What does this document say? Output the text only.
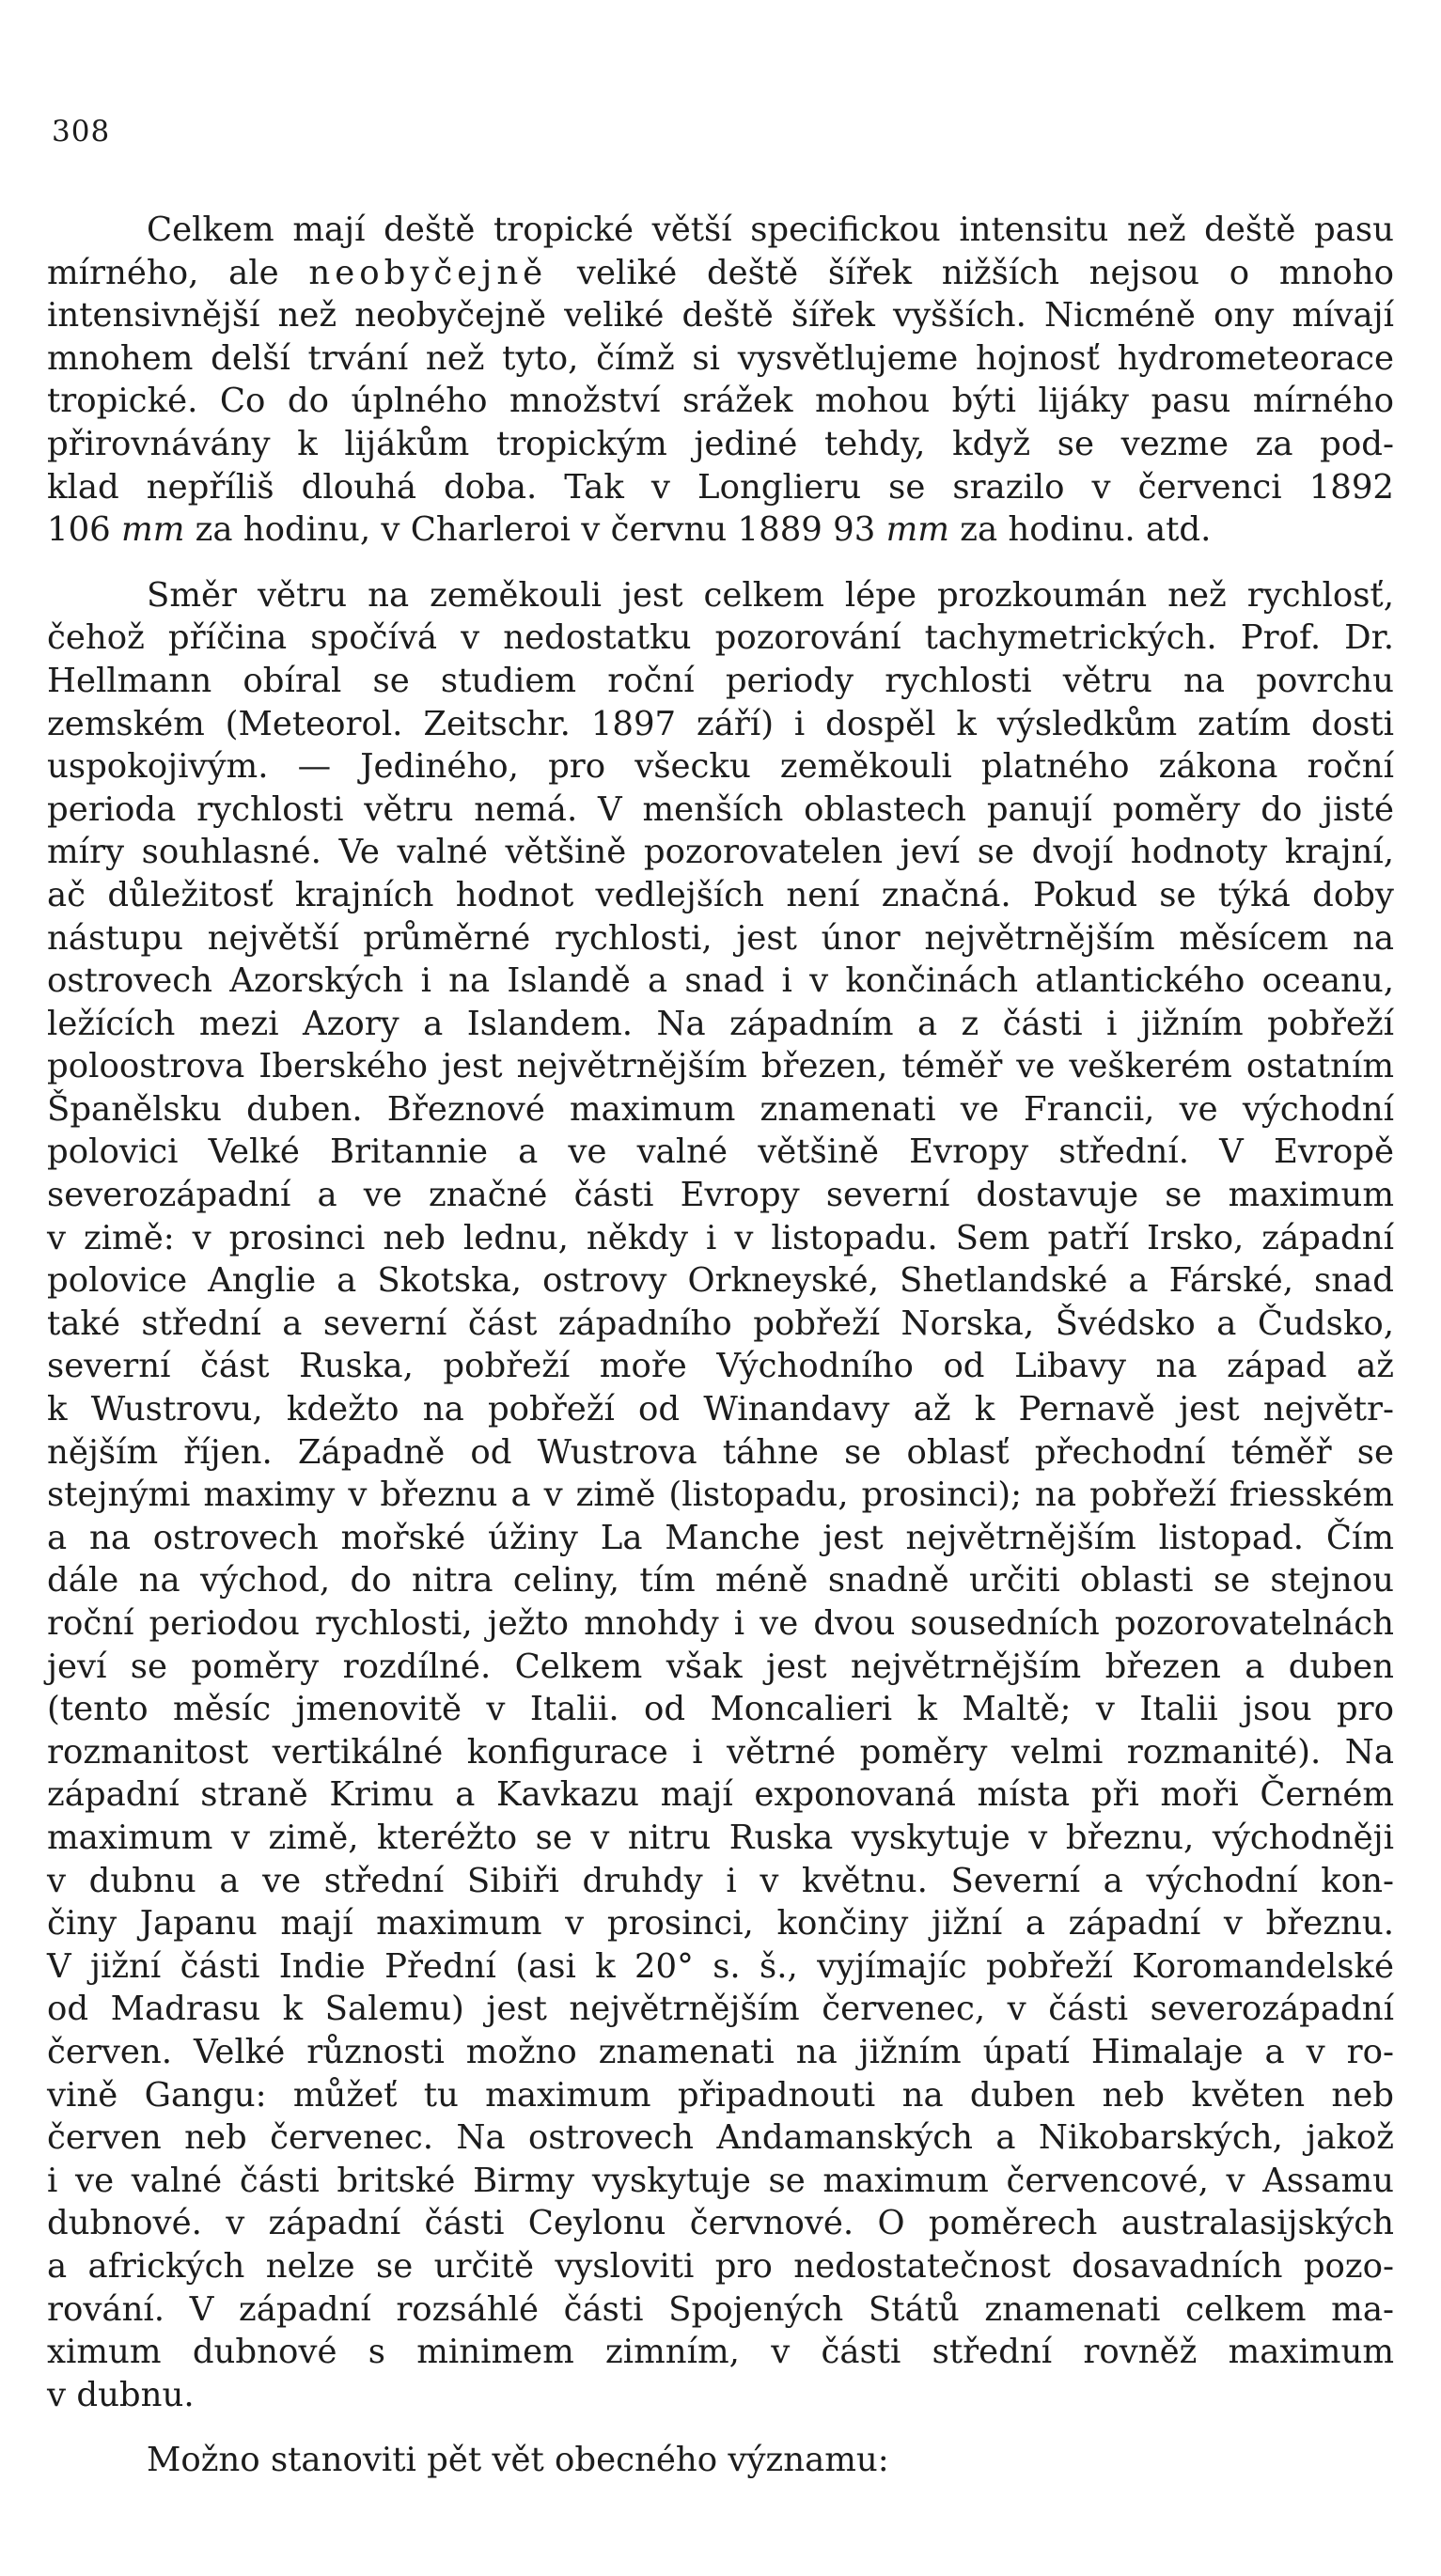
308
Celkem mají deště tropické větší specifickou intensitu než deště pasu
mírného, ale neobyčejně veliké deště šířek nižších nejsou o mnoho
intensivnější než neobyčejně veliké deště šířek vyšších. Nicméně ony mívají
mnohem delší trvání než tyto, čímž si vysvětlujeme hojnosť hydrometeorace
tropické. Co do úplného množství srážek mohou býti lijáky pasu mírného
přirovnávány k lijákům tropickým jediné tehdy, když se vezme za pod-
klad nepříliš dlouhá doba. Tak v Longlieru se srazilo v červenci 1892
106 mm za hodinu, v Charleroi v červnu 1889 93 mm za hodinu. atd.
Směr větru na zeměkouli jest celkem lépe prozkoumán než rychlosť,
čehož příčina spočívá v nedostatku pozorování tachymetrických. Prof. Dr.
Hellmann obíral se studiem roční periody rychlosti větru na povrchu
zemském (Meteorol. Zeitschr. 1897 září) i dospěl k výsledkům zatím dosti
uspokojivým. — Jediného, pro všecku zeměkouli platného zákona roční
perioda rychlosti větru nemá. V menších oblastech panují poměry do jisté
míry souhlasné. Ve valné většině pozorovatelen jeví se dvojí hodnoty krajní,
ač důležitosť krajních hodnot vedlejších není značná. Pokud se týká doby
nástupu největší průměrné rychlosti, jest únor největrnějším měsícem na
ostrovech Azorských i na Islandě a snad i v končinách atlantického oceanu,
ležících mezi Azory a Islandem. Na západním a z části i jižním pobřeží
poloostrova Iberského jest největrnějším březen, téměř ve veškerém ostatním
Španělsku duben. Březnové maximum znamenati ve Francii, ve východní
polovici Velké Britannie a ve valné většině Evropy střední. V Evropě
severozápadní a ve značné části Evropy severní dostavuje se maximum
v zimě: v prosinci neb lednu, někdy i v listopadu. Sem patří Irsko, západní
polovice Anglie a Skotska, ostrovy Orkneyské, Shetlandské a Fárské, snad
také střední a severní část západního pobřeží Norska, Švédsko a Čudsko,
severní část Ruska, pobřeží moře Východního od Libavy na západ až
k Wustrovu, kdežto na pobřeží od Winandavy až k Pernavě jest největr-
nějším říjen. Západně od Wustrova táhne se oblasť přechodní téměř se
stejnými maximy v březnu a v zimě (listopadu, prosinci); na pobřeží friesském
a na ostrovech mořské úžiny La Manche jest největrnějším listopad. Čím
dále na východ, do nitra celiny, tím méně snadně určiti oblasti se stejnou
roční periodou rychlosti, ježto mnohdy i ve dvou sousedních pozorovatelnách
jeví se poměry rozdílné. Celkem však jest největrnějším březen a duben
(tento měsíc jmenovitě v Italii. od Moncalieri k Maltě; v Italii jsou pro
rozmanitost vertikálné konfigurace i větrné poměry velmi rozmanité). Na
západní straně Krimu a Kavkazu mají exponovaná místa při moři Černém
maximum v zimě, kteréžto se v nitru Ruska vyskytuje v březnu, východněji
v dubnu a ve střední Sibiři druhdy i v květnu. Severní a východní kon-
činy Japanu mají maximum v prosinci, končiny jižní a západní v březnu.
V jižní části Indie Přední (asi k 20° s. š., vyjímajíc pobřeží Koromandelské
od Madrasu k Salemu) jest největrnějším červenec, v části severozápadní
červen. Velké různosti možno znamenati na jižním úpatí Himalaje a v ro-
vině Gangu: můžeť tu maximum připadnouti na duben neb květen neb
červen neb červenec. Na ostrovech Andamanských a Nikobarských, jakož
i ve valné části britské Birmy vyskytuje se maximum červencové, v Assamu
dubnové. v západní části Ceylonu červnové. O poměrech australasijských
a afrických nelze se určitě vysloviti pro nedostatečnost dosavadních pozo-
rování. V západní rozsáhlé části Spojených Států znamenati celkem ma-
ximum dubnové s minimem zimním, v části střední rovněž maximum
v dubnu.
Možno stanoviti pět vět obecného významu:
